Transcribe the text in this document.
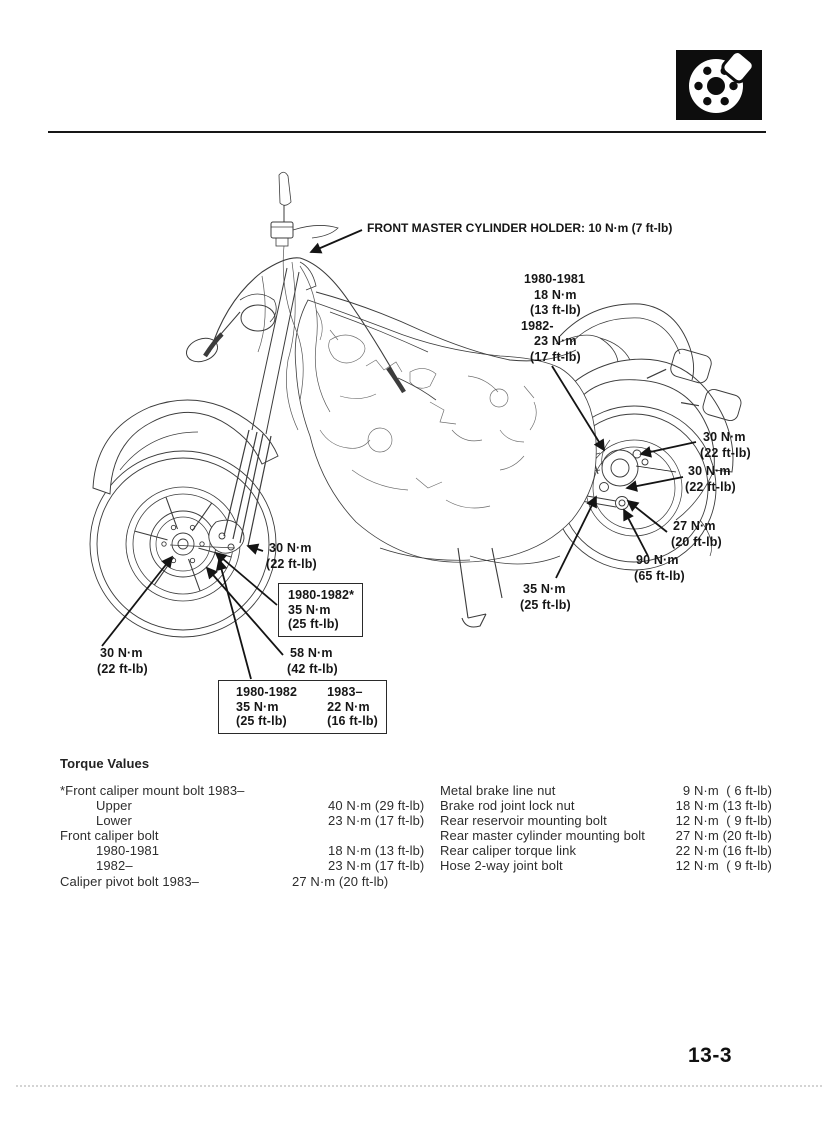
FRONT MASTER CYLINDER HOLDER: 10 N·m (7 ft-lb)
1980-1981
18 N·m
(13 ft-lb)
1982-
23 N·m
(17 ft-lb)
30 N·m
(22 ft-lb)
30 N·m
(22 ft-lb)
27 N·m
(20 ft-lb)
90 N·m
(65 ft-lb)
35 N·m
(25 ft-lb)
30 N·m
(22 ft-lb)
1980-1982*
35 N·m
(25 ft-lb)
58 N·m
(42 ft-lb)
30 N·m
(22 ft-lb)
1980-1982
35 N·m
(25 ft-lb)
1983–
22 N·m
(16 ft-lb)
Torque Values
*Front caliper mount bolt 1983–
Upper	40 N·m (29 ft-lb)
Lower	23 N·m (17 ft-lb)
Front caliper bolt
1980-1981	18 N·m (13 ft-lb)
1982–	23 N·m (17 ft-lb)
Caliper pivot bolt 1983–	27 N·m (20 ft-lb)
Metal brake line nut	9 N·m  ( 6 ft-lb)
Brake rod joint lock nut	18 N·m (13 ft-lb)
Rear reservoir mounting bolt	12 N·m  ( 9 ft-lb)
Rear master cylinder mounting bolt	27 N·m (20 ft-lb)
Rear caliper torque link	22 N·m (16 ft-lb)
Hose 2-way joint bolt	12 N·m  ( 9 ft-lb)
13-3
